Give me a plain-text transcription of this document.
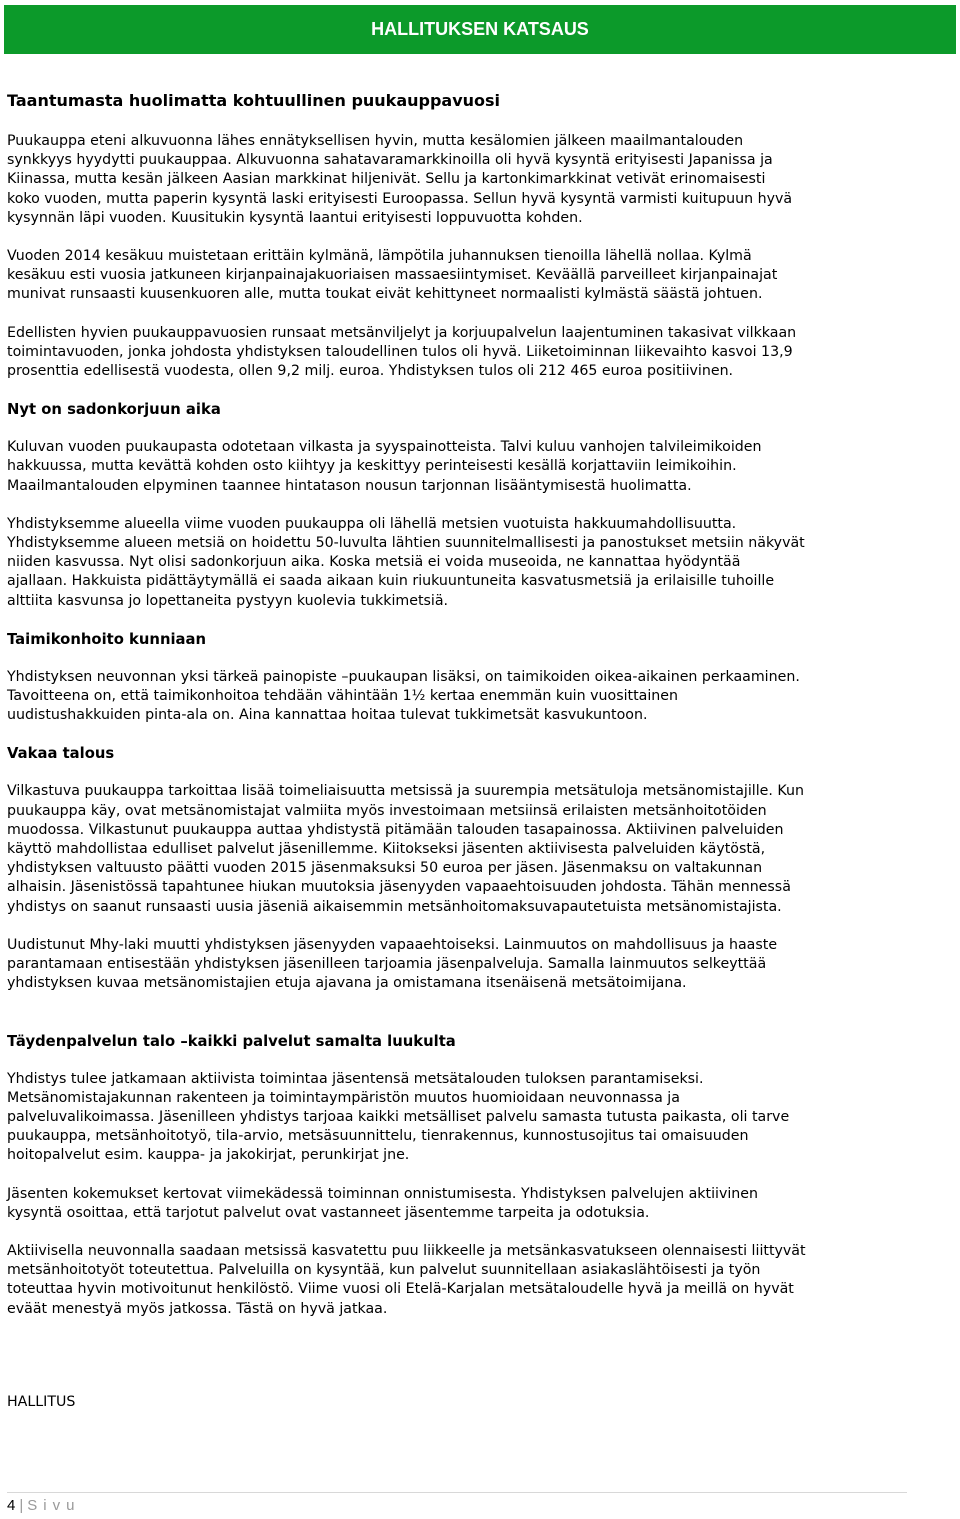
HALLITUKSEN KATSAUS
Taantumasta huolimatta kohtuullinen puukauppavuosi

Puukauppa eteni alkuvuonna lähes ennätyksellisen hyvin, mutta kesälomien jälkeen maailmantalouden
synkkyys hyydytti puukauppaa. Alkuvuonna sahatavaramarkkinoilla oli hyvä kysyntä erityisesti Japanissa ja
Kiinassa, mutta kesän jälkeen Aasian markkinat hiljenivät. Sellu ja kartonkimarkkinat vetivät erinomaisesti
koko vuoden, mutta paperin kysyntä laski erityisesti Euroopassa. Sellun hyvä kysyntä varmisti kuitupuun hyvä
kysynnän läpi vuoden. Kuusitukin kysyntä laantui erityisesti loppuvuotta kohden.

Vuoden 2014 kesäkuu muistetaan erittäin kylmänä, lämpötila juhannuksen tienoilla lähellä nollaa. Kylmä
kesäkuu esti vuosia jatkuneen kirjanpainajakuoriaisen massaesiintymiset. Keväällä parveilleet kirjanpainajat
munivat runsaasti kuusenkuoren alle, mutta toukat eivät kehittyneet normaalisti kylmästä säästä johtuen.

Edellisten hyvien puukauppavuosien runsaat metsänviljelyt ja korjuupalvelun laajentuminen takasivat vilkkaan
toimintavuoden, jonka johdosta yhdistyksen taloudellinen tulos oli hyvä. Liiketoiminnan liikevaihto kasvoi 13,9
prosenttia edellisestä vuodesta, ollen 9,2 milj. euroa. Yhdistyksen tulos oli 212 465 euroa positiivinen.

Nyt on sadonkorjuun aika

Kuluvan vuoden puukaupasta odotetaan vilkasta ja syyspainotteista. Talvi kuluu vanhojen talvileimikoiden
hakkuussa, mutta kevättä kohden osto kiihtyy ja keskittyy perinteisesti kesällä korjattaviin leimikoihin.
Maailmantalouden elpyminen taannee hintatason nousun tarjonnan lisääntymisestä huolimatta.

Yhdistyksemme alueella viime vuoden puukauppa oli lähellä metsien vuotuista hakkuumahdollisuutta.
Yhdistyksemme alueen metsiä on hoidettu 50-luvulta lähtien suunnitelmallisesti ja panostukset metsiin näkyvät
niiden kasvussa. Nyt olisi sadonkorjuun aika. Koska metsiä ei voida museoida, ne kannattaa hyödyntää
ajallaan. Hakkuista pidättäytymällä ei saada aikaan kuin riukuuntuneita kasvatusmetsiä ja erilaisille tuhoille
alttiita kasvunsa jo lopettaneita pystyyn kuolevia tukkimetsiä.

Taimikonhoito kunniaan

Yhdistyksen neuvonnan yksi tärkeä painopiste –puukaupan lisäksi, on taimikoiden oikea-aikainen perkaaminen.
Tavoitteena on, että taimikonhoitoa tehdään vähintään 1½ kertaa enemmän kuin vuosittainen
uudistushakkuiden pinta-ala on. Aina kannattaa hoitaa tulevat tukkimetsät kasvukuntoon.

Vakaa talous

Vilkastuva puukauppa tarkoittaa lisää toimeliaisuutta metsissä ja suurempia metsätuloja metsänomistajille. Kun
puukauppa käy, ovat metsänomistajat valmiita myös investoimaan metsiinsä erilaisten metsänhoitotöiden
muodossa. Vilkastunut puukauppa auttaa yhdistystä pitämään talouden tasapainossa. Aktiivinen palveluiden
käyttö mahdollistaa edulliset palvelut jäsenillemme. Kiitokseksi jäsenten aktiivisesta palveluiden käytöstä,
yhdistyksen valtuusto päätti vuoden 2015 jäsenmaksuksi 50 euroa per jäsen. Jäsenmaksu on valtakunnan
alhaisin. Jäsenistössä tapahtunee hiukan muutoksia jäsenyyden vapaaehtoisuuden johdosta. Tähän mennessä
yhdistys on saanut runsaasti uusia jäseniä aikaisemmin metsänhoitomaksuvapautetuista metsänomistajista.

Uudistunut Mhy-laki muutti yhdistyksen jäsenyyden vapaaehtoiseksi. Lainmuutos on mahdollisuus ja haaste
parantamaan entisestään yhdistyksen jäsenilleen tarjoamia jäsenpalveluja. Samalla lainmuutos selkeyttää
yhdistyksen kuvaa metsänomistajien etuja ajavana ja omistamana itsenäisenä metsätoimijana.

Täydenpalvelun talo –kaikki palvelut samalta luukulta

Yhdistys tulee jatkamaan aktiivista toimintaa jäsentensä metsätalouden tuloksen parantamiseksi.
Metsänomistajakunnan rakenteen ja toimintaympäristön muutos huomioidaan neuvonnassa ja
palveluvalikoimassa. Jäsenilleen yhdistys tarjoaa kaikki metsälliset palvelu samasta tutusta paikasta, oli tarve
puukauppa, metsänhoitotyö, tila-arvio, metsäsuunnittelu, tienrakennus, kunnostusojitus tai omaisuuden
hoitopalvelut esim. kauppa- ja jakokirjat, perunkirjat jne.

Jäsenten kokemukset kertovat viimekädessä toiminnan onnistumisesta. Yhdistyksen palvelujen aktiivinen
kysyntä osoittaa, että tarjotut palvelut ovat vastanneet jäsentemme tarpeita ja odotuksia.

Aktiivisella neuvonnalla saadaan metsissä kasvatettu puu liikkeelle ja metsänkasvatukseen olennaisesti liittyvät
metsänhoitotyöt toteutettua. Palveluilla on kysyntää, kun palvelut suunnitellaan asiakaslähtöisesti ja työn
toteuttaa hyvin motivoitunut henkilöstö. Viime vuosi oli Etelä-Karjalan metsätaloudelle hyvä ja meillä on hyvät
eväät menestyä myös jatkossa. Tästä on hyvä jatkaa.

HALLITUS
4 | Sivu
